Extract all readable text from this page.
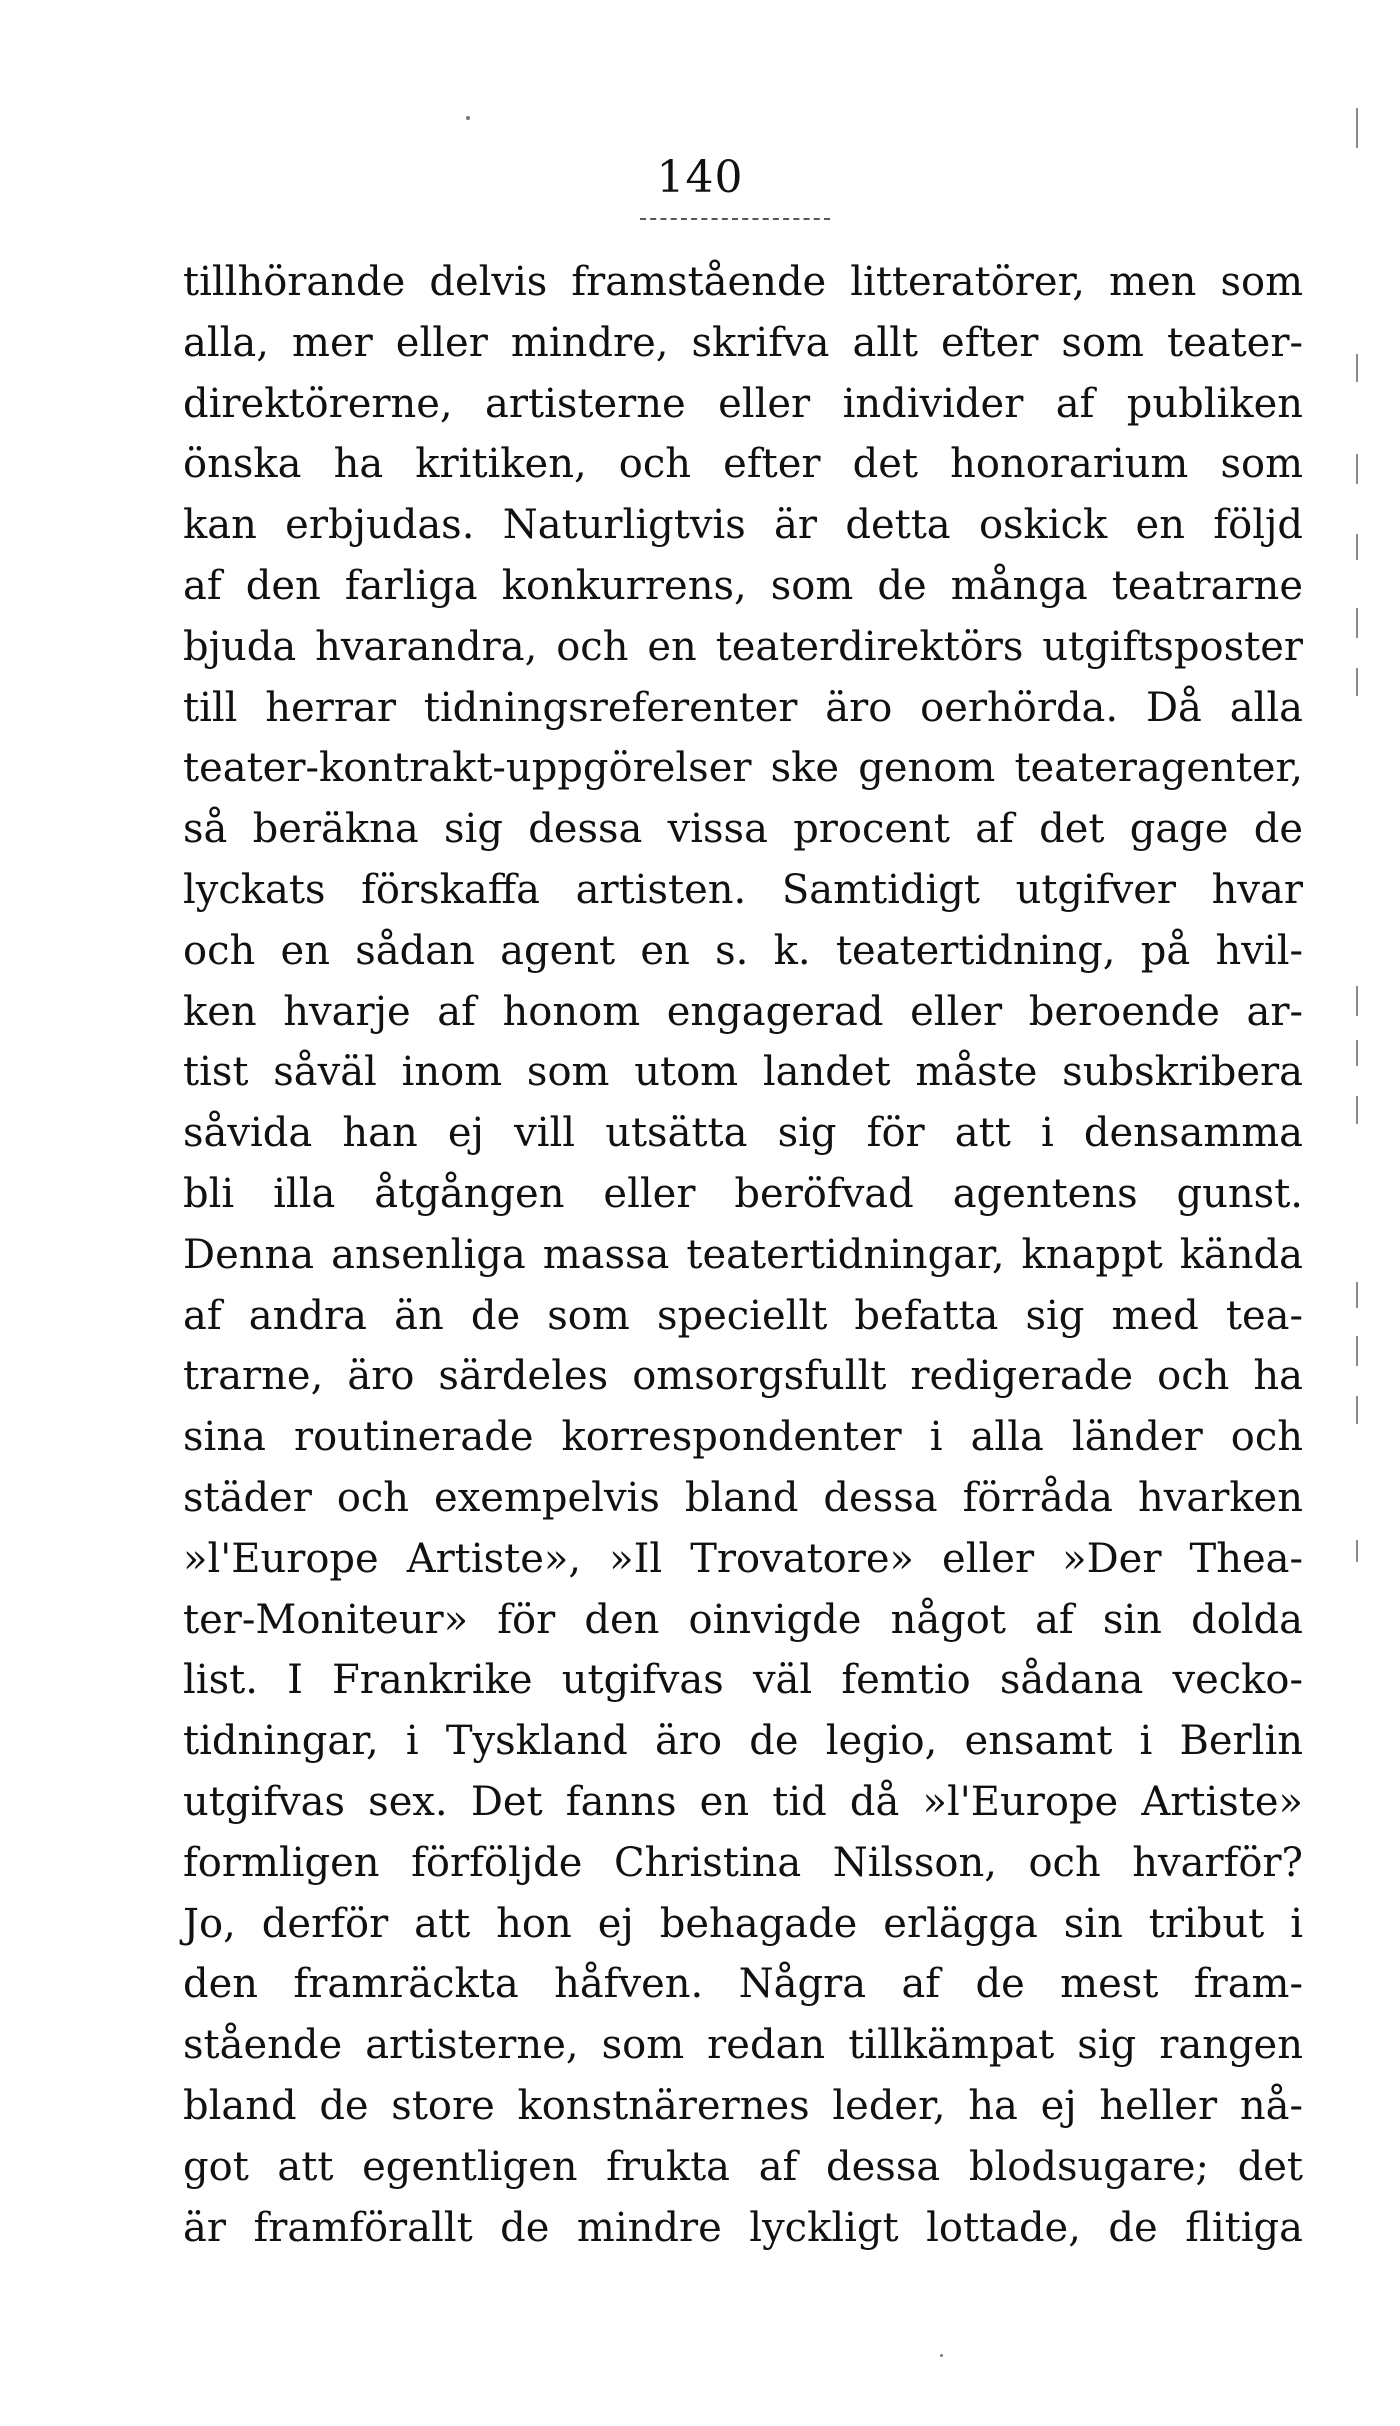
140
tillhörande delvis framstående litteratörer, men som
alla, mer eller mindre, skrifva allt efter som teater-
direktörerne, artisterne eller individer af publiken
önska ha kritiken, och efter det honorarium som
kan erbjudas. Naturligtvis är detta oskick en följd
af den farliga konkurrens, som de många teatrarne
bjuda hvarandra, och en teaterdirektörs utgiftsposter
till herrar tidningsreferenter äro oerhörda. Då alla
teater-kontrakt-uppgörelser ske genom teateragenter,
så beräkna sig dessa vissa procent af det gage de
lyckats förskaffa artisten. Samtidigt utgifver hvar
och en sådan agent en s. k. teatertidning, på hvil-
ken hvarje af honom engagerad eller beroende ar-
tist såväl inom som utom landet måste subskribera
såvida han ej vill utsätta sig för att i densamma
bli illa åtgången eller beröfvad agentens gunst.
Denna ansenliga massa teatertidningar, knappt kända
af andra än de som speciellt befatta sig med tea-
trarne, äro särdeles omsorgsfullt redigerade och ha
sina routinerade korrespondenter i alla länder och
städer och exempelvis bland dessa förråda hvarken
»l'Europe Artiste», »Il Trovatore» eller »Der Thea-
ter-Moniteur» för den oinvigde något af sin dolda
list. I Frankrike utgifvas väl femtio sådana vecko-
tidningar, i Tyskland äro de legio, ensamt i Berlin
utgifvas sex. Det fanns en tid då »l'Europe Artiste»
formligen förföljde Christina Nilsson, och hvarför?
Jo, derför att hon ej behagade erlägga sin tribut i
den framräckta håfven. Några af de mest fram-
stående artisterne, som redan tillkämpat sig rangen
bland de store konstnärernes leder, ha ej heller nå-
got att egentligen frukta af dessa blodsugare; det
är framförallt de mindre lyckligt lottade, de flitiga
